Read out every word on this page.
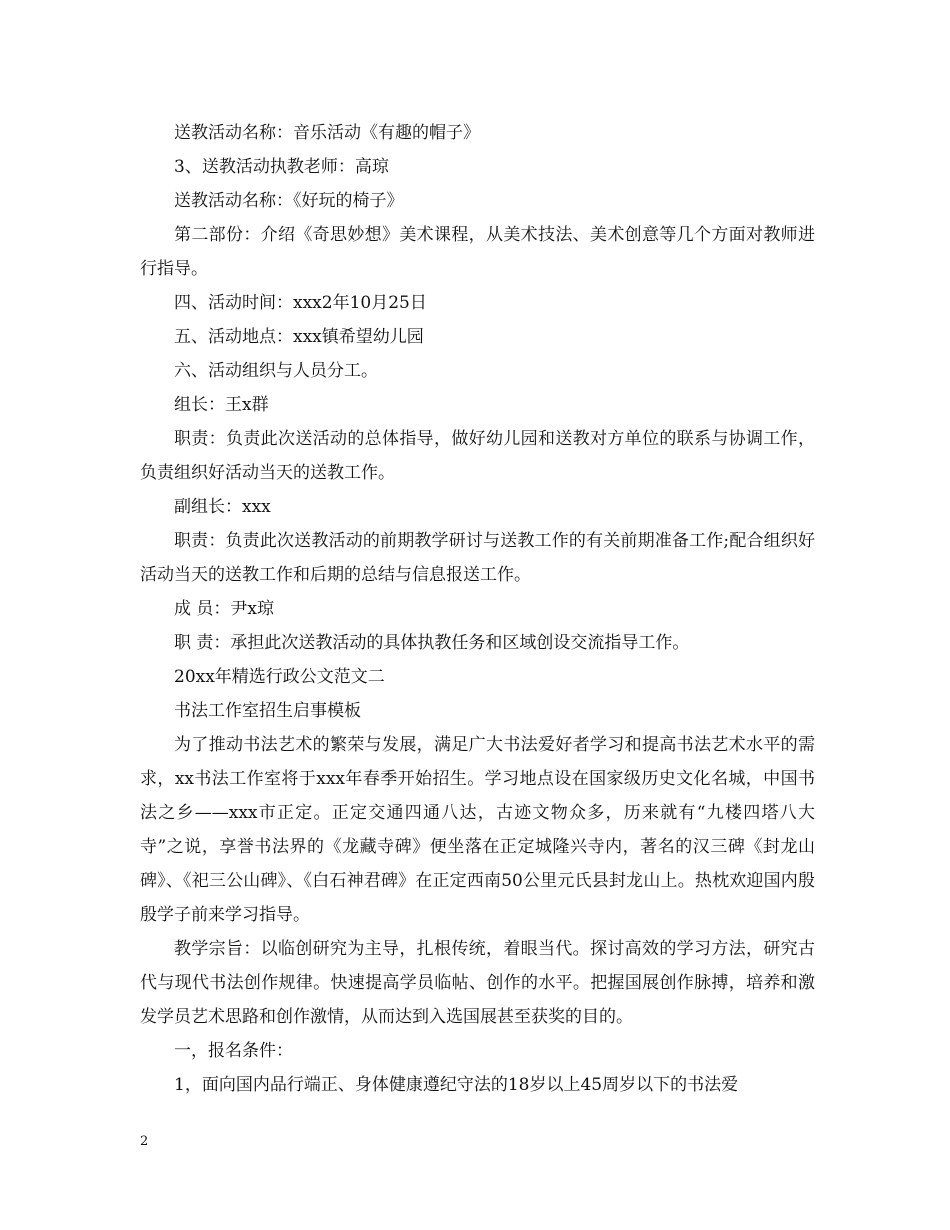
送教活动名称：音乐活动《有趣的帽子》

3、送教活动执教老师：高琼

送教活动名称：《好玩的椅子》

第二部份：介绍《奇思妙想》美术课程，从美术技法、美术创意等几个方面对教师进行指导。

四、活动时间：xxx2年10月25日

五、活动地点：xxx镇希望幼儿园

六、活动组织与人员分工。

组长：王x群

职责：负责此次送活动的总体指导，做好幼儿园和送教对方单位的联系与协调工作，负责组织好活动当天的送教工作。

副组长：xxx

职责：负责此次送教活动的前期教学研讨与送教工作的有关前期准备工作;配合组织好活动当天的送教工作和后期的总结与信息报送工作。

成 员：尹x琼

职 责：承担此次送教活动的具体执教任务和区域创设交流指导工作。

20xx年精选行政公文范文二

书法工作室招生启事模板

为了推动书法艺术的繁荣与发展，满足广大书法爱好者学习和提高书法艺术水平的需求，xx书法工作室将于xxx年春季开始招生。学习地点设在国家级历史文化名城，中国书法之乡——xxx市正定。正定交通四通八达，古迹文物众多，历来就有“九楼四塔八大寺”之说，享誉书法界的《龙藏寺碑》便坐落在正定城隆兴寺内，著名的汉三碑《封龙山碑》、《祀三公山碑》、《白石神君碑》在正定西南50公里元氏县封龙山上。热枕欢迎国内殷殷学子前来学习指导。

教学宗旨：以临创研究为主导，扎根传统，着眼当代。探讨高效的学习方法，研究古代与现代书法创作规律。快速提高学员临帖、创作的水平。把握国展创作脉搏，培养和激发学员艺术思路和创作激情，从而达到入选国展甚至获奖的目的。

一，报名条件：

1，面向国内品行端正、身体健康遵纪守法的18岁以上45周岁以下的书法爱

2
